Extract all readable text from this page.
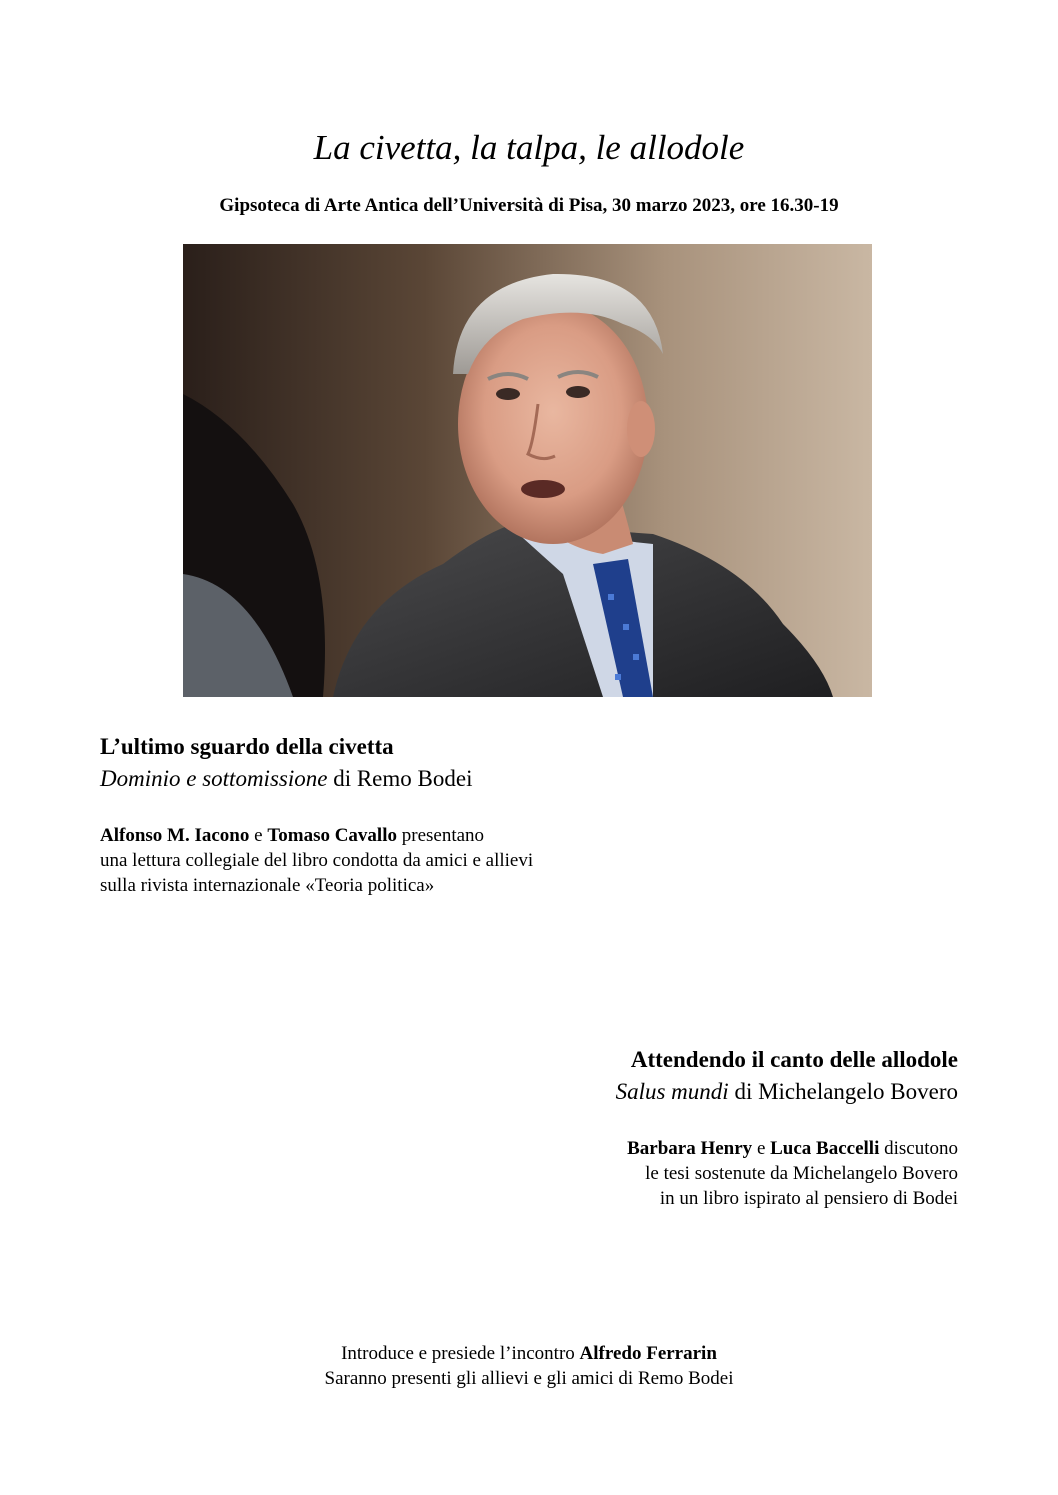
La civetta, la talpa, le allodole
Gipsoteca di Arte Antica dell’Università di Pisa, 30 marzo 2023, ore 16.30-19

L’ultimo sguardo della civetta

Dominio e sottomissione di Remo Bodei

Alfonso M. Iacono e Tomaso Cavallo presentano
una lettura collegiale del libro condotta da amici e allievi
sulla rivista internazionale «Teoria politica»

Attendendo il canto delle allodole

Salus mundi di Michelangelo Bovero

Barbara Henry e Luca Baccelli discutono
le tesi sostenute da Michelangelo Bovero
in un libro ispirato al pensiero di Bodei

Introduce e presiede l’incontro Alfredo Ferrarin
Saranno presenti gli allievi e gli amici di Remo Bodei
